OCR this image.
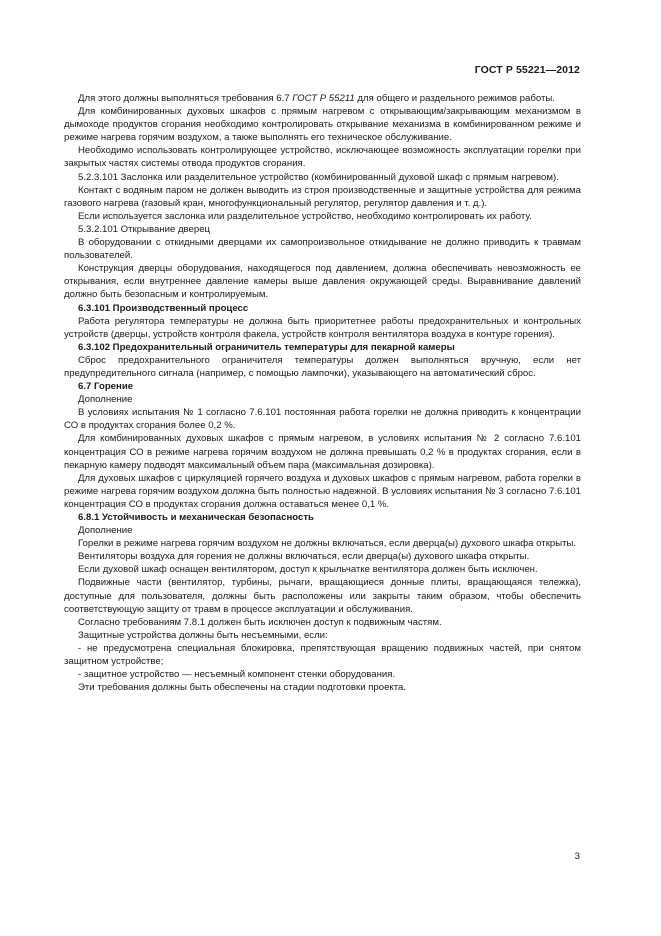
ГОСТ Р 55221—2012

Для этого должны выполняться требования 6.7 ГОСТ Р 55211 для общего и раздельного режимов работы.

Для комбинированных духовых шкафов с прямым нагревом с открывающим/закрывающим механизмом в дымоходе продуктов сгорания необходимо контролировать открывание механизма в комбинированном режиме и режиме нагрева горячим воздухом, а также выполнять его техническое обслуживание.

Необходимо использовать контролирующее устройство, исключающее возможность эксплуатации горелки при закрытых частях системы отвода продуктов сгорания.

5.2.3.101 Заслонка или разделительное устройство (комбинированный духовой шкаф с прямым нагревом).

Контакт с водяным паром не должен выводить из строя производственные и защитные устройства для режима газового нагрева (газовый кран, многофункциональный регулятор, регулятор давления и т. д.).

Если используется заслонка или разделительное устройство, необходимо контролировать их работу.

5.3.2.101 Открывание дверец

В оборудовании с откидными дверцами их самопроизвольное откидывание не должно приводить к травмам пользователей.

Конструкция дверцы оборудования, находящегося под давлением, должна обеспечивать невозможность ее открывания, если внутреннее давление камеры выше давления окружающей среды. Выравнивание давлений должно быть безопасным и контролируемым.

6.3.101 Производственный процесс

Работа регулятора температуры не должна быть приоритетнее работы предохранительных и контрольных устройств (дверцы, устройств контроля факела, устройств контроля вентилятора воздуха в контуре горения).

6.3.102 Предохранительный ограничитель температуры для пекарной камеры

Сброс предохранительного ограничителя температуры должен выполняться вручную, если нет предупредительного сигнала (например, с помощью лампочки), указывающего на автоматический сброс.

6.7 Горение

Дополнение

В условиях испытания № 1 согласно 7.6.101 постоянная работа горелки не должна приводить к концентрации СО в продуктах сгорания более 0,2 %.

Для комбинированных духовых шкафов с прямым нагревом, в условиях испытания № 2 согласно 7.6.101 концентрация СО в режиме нагрева горячим воздухом не должна превышать 0,2 % в продуктах сгорания, если в пекарную камеру подводят максимальный объем пара (максимальная дозировка).

Для духовых шкафов с циркуляцией горячего воздуха и духовых шкафов с прямым нагревом, работа горелки в режиме нагрева горячим воздухом должна быть полностью надежной. В условиях испытания № 3 согласно 7.6.101 концентрация СО в продуктах сгорания должна оставаться менее 0,1 %.

6.8.1 Устойчивость и механическая безопасность

Дополнение

Горелки в режиме нагрева горячим воздухом не должны включаться, если дверца(ы) духового шкафа открыты.

Вентиляторы воздуха для горения не должны включаться, если дверца(ы) духового шкафа открыты.

Если духовой шкаф оснащен вентилятором, доступ к крыльчатке вентилятора должен быть исключен.

Подвижные части (вентилятор, турбины, рычаги, вращающиеся донные плиты, вращающаяся тележка), доступные для пользователя, должны быть расположены или закрыты таким образом, чтобы обеспечить соответствующую защиту от травм в процессе эксплуатации и обслуживания.

Согласно требованиям 7.8.1 должен быть исключен доступ к подвижным частям.

Защитные устройства должны быть несъемными, если:

- не предусмотрена специальная блокировка, препятствующая вращению подвижных частей, при снятом защитном устройстве;

- защитное устройство — несъемный компонент стенки оборудования.

Эти требования должны быть обеспечены на стадии подготовки проекта.

3
